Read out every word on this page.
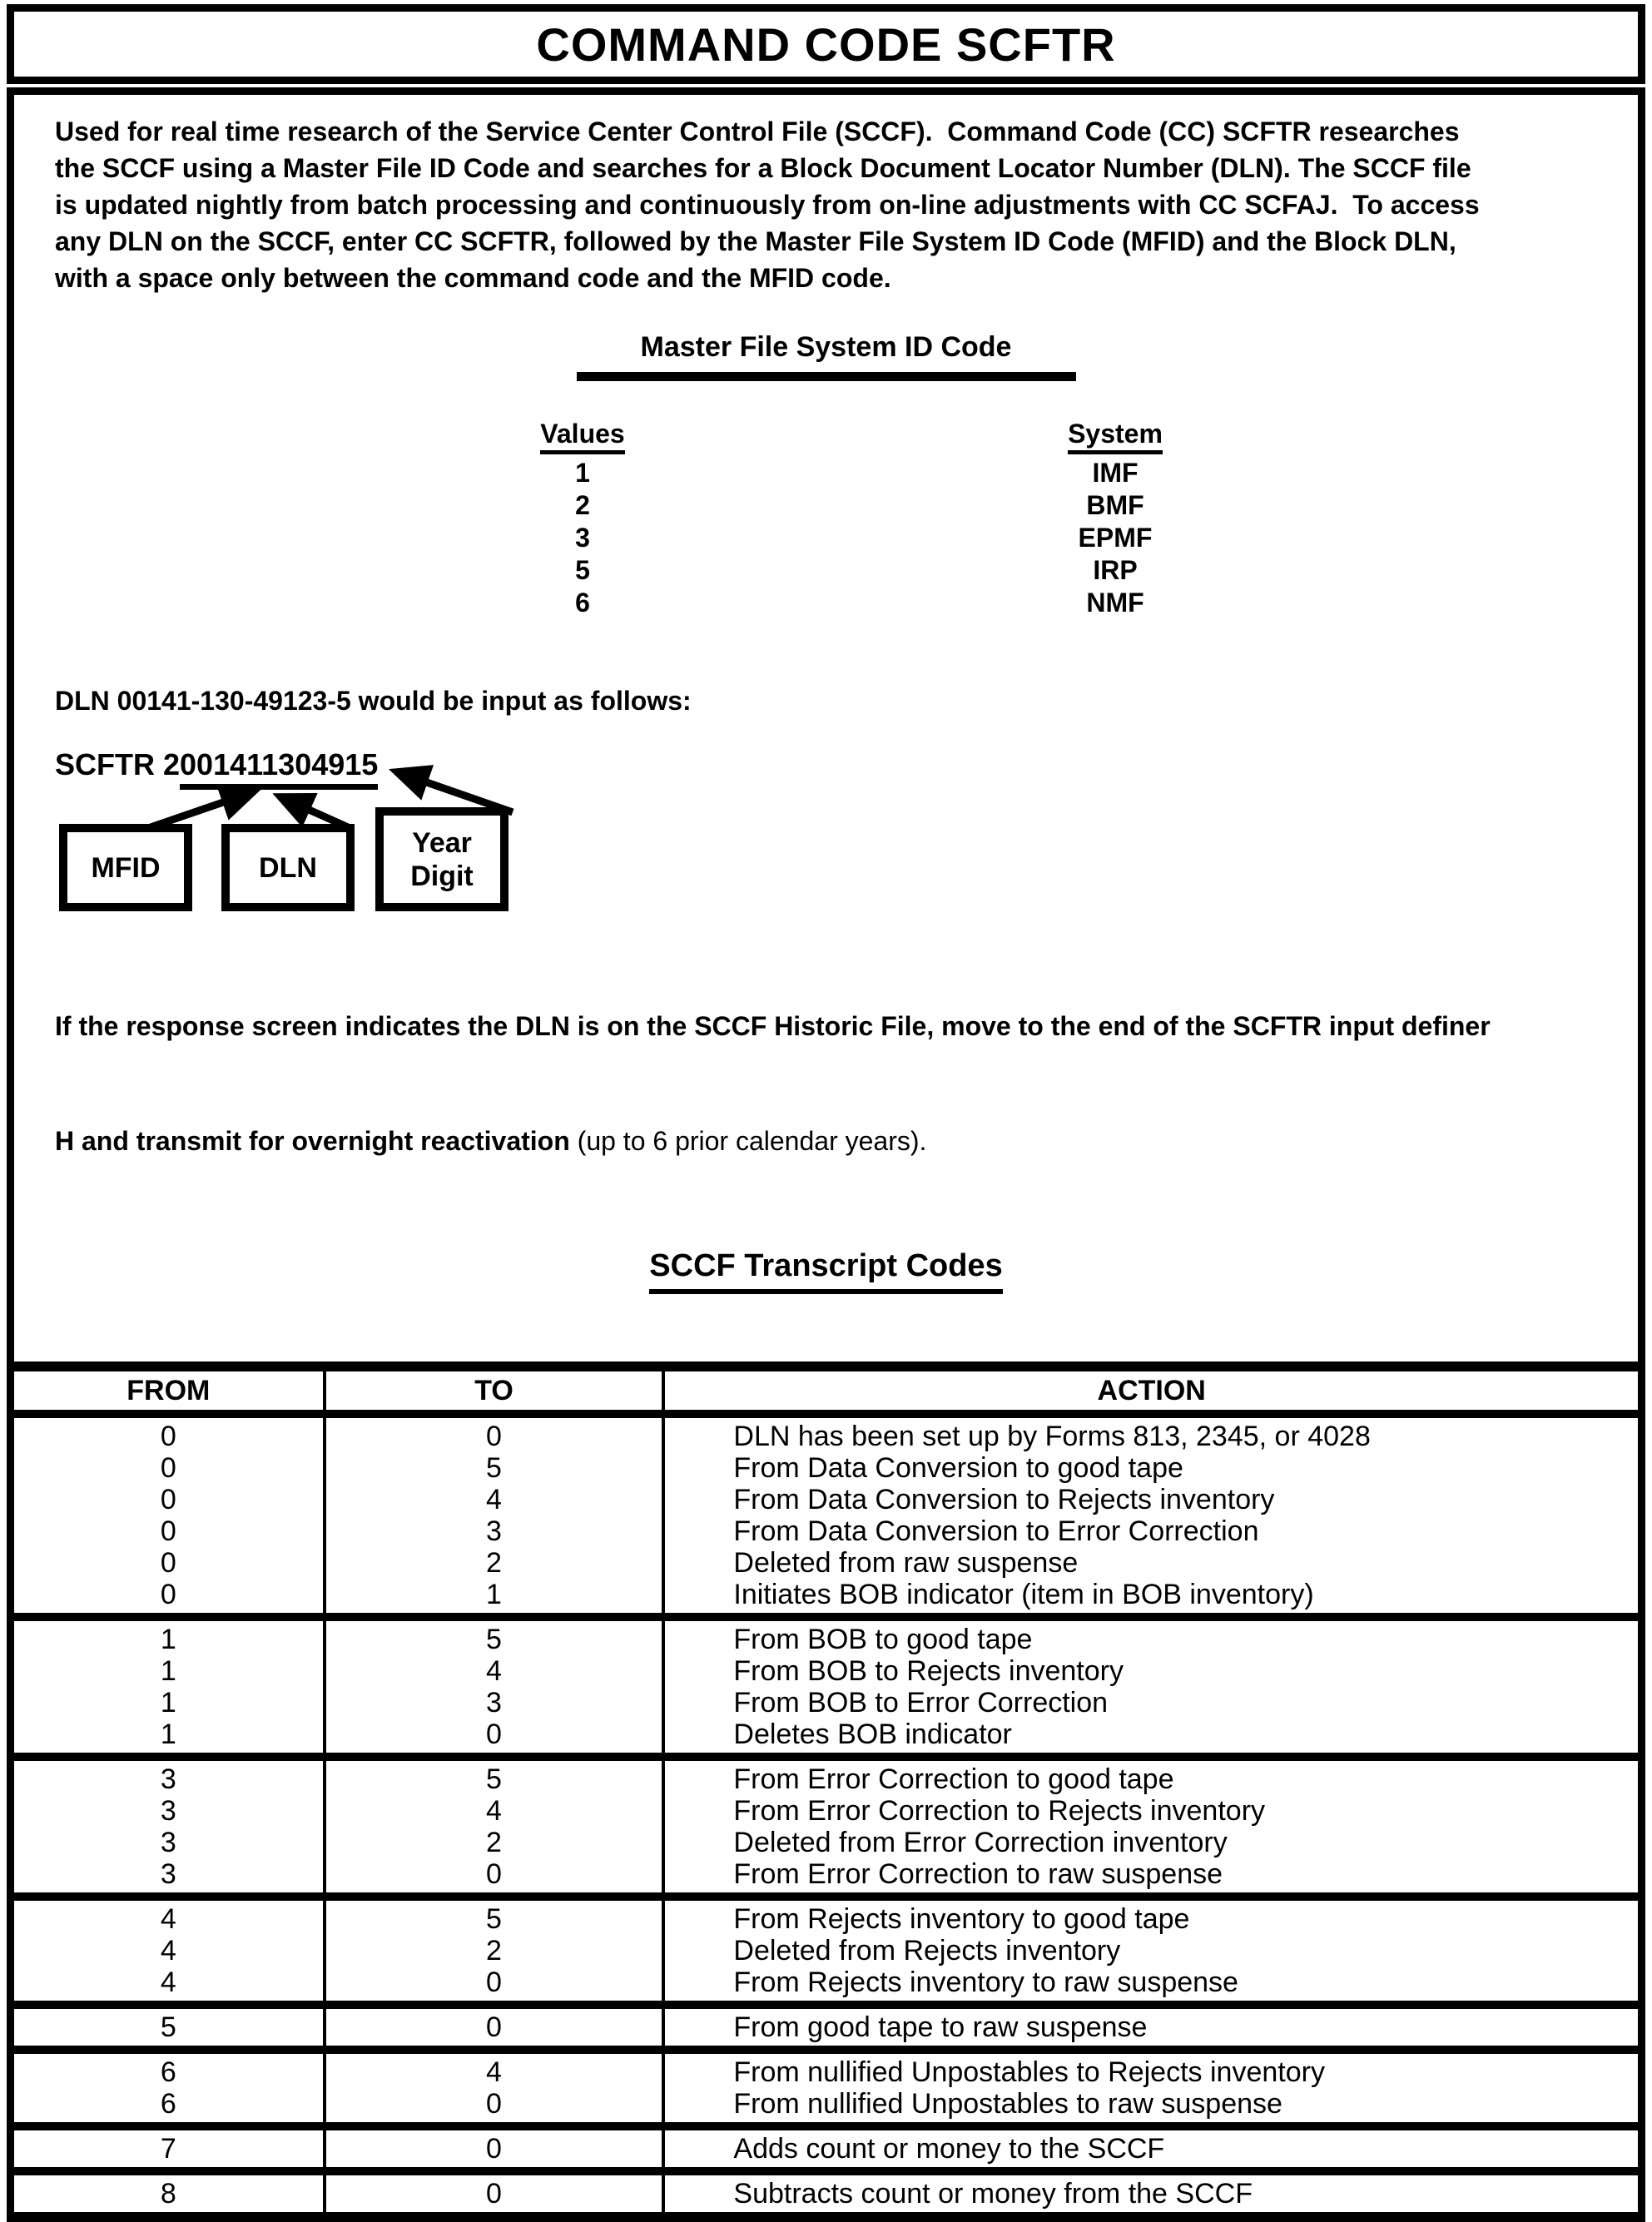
COMMAND CODE SCFTR
Used for real time research of the Service Center Control File (SCCF).  Command Code (CC) SCFTR researches
the SCCF using a Master File ID Code and searches for a Block Document Locator Number (DLN). The SCCF file
is updated nightly from batch processing and continuously from on-line adjustments with CC SCFAJ.  To access
any DLN on the SCCF, enter CC SCFTR, followed by the Master File System ID Code (MFID) and the Block DLN,
with a space only between the command code and the MFID code.
Master File System ID Code
Values	System
1	IMF
2	BMF
3	EPMF
5	IRP
6	NMF
DLN 00141-130-49123-5 would be input as follows:
SCFTR 2001411304915
MFID	DLN
Year Digit

If the response screen indicates the DLN is on the SCCF Historic File, move to the end of the SCFTR input definer

H and transmit for overnight reactivation (up to 6 prior calendar years).

SCCF Transcript Codes
FROM	TO	ACTION
0	0	DLN has been set up by Forms 813, 2345, or 4028
0	5	From Data Conversion to good tape
0	4	From Data Conversion to Rejects inventory
0	3	From Data Conversion to Error Correction
0	2	Deleted from raw suspense
0	1	Initiates BOB indicator (item in BOB inventory)
1	5	From BOB to good tape
1	4	From BOB to Rejects inventory
1	3	From BOB to Error Correction
1	0	Deletes BOB indicator
3	5	From Error Correction to good tape
3	4	From Error Correction to Rejects inventory
3	2	Deleted from Error Correction inventory
3	0	From Error Correction to raw suspense
4	5	From Rejects inventory to good tape
4	2	Deleted from Rejects inventory
4	0	From Rejects inventory to raw suspense
5	0	From good tape to raw suspense
6	4	From nullified Unpostables to Rejects inventory
6	0	From nullified Unpostables to raw suspense
7	0	Adds count or money to the SCCF
8	0	Subtracts count or money from the SCCF
